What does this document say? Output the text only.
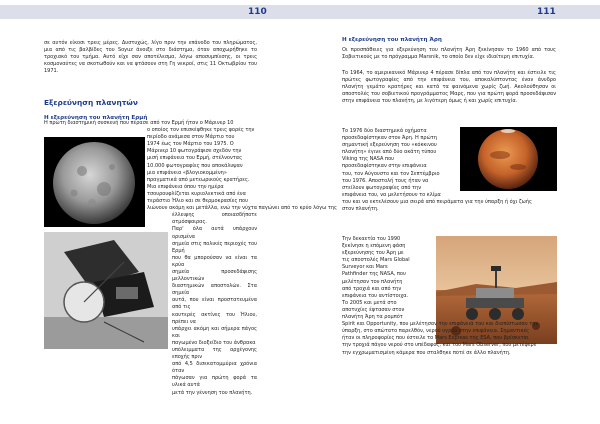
110

σε αυτόν είκοσι τρεις μέρες. Δυστυχώς, λίγο πριν την επάνοδο του πληρώματος, μια από τις βαλβίδες του Soyuz άνοιξε στο διάστημα, όταν αποχωρήθηκε το τροχιακό του τμήμα. Αυτό είχε σαν αποτέλεσμα, λόγω αποσυμπίεσης, οι τρεις κοσμοναύτες να σκοτωθούν και να φτάσουν στη Γη νεκροί, στις 11 Οκτωβρίου του 1971.

Εξερεύνηση πλανητών
Η εξερεύνηση του πλανήτη Ερμή
Η πρώτη διαστημική συσκευή που πέρασε από τον Ερμή ήταν ο Μάρινερ 10
ο οποίος τον επισκέφθηκε τρεις φορές την
περίοδο ανάμεσα στον Μάρτιο του
1974 έως τον Μάρτιο του 1975. Ο
Μάρινερ 10 φωτογράφισε σχεδόν την
μισή επιφάνεια του Ερμή, στέλνοντας
10.000 φωτογραφίες που αποκάλυψαν
μια επιφάνεια «βλογιοκομμένη»
πραγματικά από μετεωρικούς κρατήρες.
Μια επιφάνεια όπου την ημέρα
τσουρουφλίζεται κυριολεκτικά από ένα
τεράστιο Ήλιο και σε θερμοκρασίες που
λιώνουν ακόμη και μετάλλα, ενώ την νύχτα παγώνει από το κρύο λόγω της
έλλειψης οποιασδήποτε ατμόσφαιρας.
Παρ' όλα αυτά υπάρχουν ορισμένα
σημεία στις πολικές περιοχές του Ερμή
που θα μπορούσαν να είναι τα κρύα
σημεία προσεδάφισης μελλοντικών
διαστημικών αποστολών. Στα σημεία
αυτά, που είναι προστατευμένα από τις
καυτερές ακτίνες του Ήλιου, πρέπει να
υπάρχει ακόμη και σήμερα πάγος και
παγωμένο διοξείδιο του άνθρακα
υπόλειμματα της αρχέγονης εποχής πριν
από 4,5 δισεκατομμύρια χρόνια όταν
πάγωσαν για πρώτη φορά τα υλικά αυτά
μετά την γέννηση του πλανήτη.
111
Η εξερεύνηση του πλανήτη Άρη

Οι προσπάθειες για εξερεύνηση του πλανήτη Άρη ξεκίνησαν το 1960 από τους Σοβιετικούς με το πρόγραμμα Marsnik, το οποίο δεν είχε ιδιαίτερη επιτυχία.

Το 1964, το αμερικανικό Μάρινερ 4 πέρασε δίπλα από τον πλανήτη και έστειλε τις πρώτες φωτογραφίες από την επιφάνεια του, αποκαλύπτοντας έναν άνυδρο πλανήτη γεμάτο κρατήρες και κατά τα φαινόμενα χωρίς ζωή. Ακολούθησαν οι αποστολές του σοβιετικού προγράμματος Μαρς, που για πρώτη φορά προσεδάφισαν στην επιφάνεια του πλανήτη, με λιγότερη όμως ή και χωρίς επιτυχία.

Το 1976 δύο διαστημικά οχήματα
προσεδαφίστηκαν στον Άρη. Η πρώτη
σημαντική εξερεύνηση του «κόκκινου
πλανήτη» έγινε από δύο ακάτη τύπου
Viking της NASA που
προσεδαφίστηκαν στην επιφάνεια
του, τον Αύγουστο και τον Σεπτέμβριο
του 1976. Αποστολή τους ήταν να
στείλουν φωτογραφίες από την
επιφάνεια του, να μελετήσουν το κλίμα
του και να εκτελέσουν μια σειρά από πειράματα για την ύπαρξη ή όχι ζωής
στον πλανήτη.
Την δεκαετία του 1990
ξεκίνησε η επόμενη φάση
εξερεύνησης του Άρη με
τις αποστολές Mars Global
Surveyor και Mars
Pathfinder της NASA, που
μελέτησαν τον πλανήτη
από τροχιά και από την
επιφάνεια του αντίστοιχα.
Το 2005 και μετά στο
αποτυχίες έφτασαν στον
πλανήτη Άρη τα ρομπότ
Spirit και Opportunity, που μελέτησαν την επιφάνειά του και διαπίστωσαν την
ύπαρξη, στο απώτατο παρελθόν, νερού υγρού στην επιφάνεια. Σημαντικές
ήταν οι πληροφορίες που έστειλε το Mars Express της ESA, που βρίσκεται
την τροχιά πάγου νερού στο υπέδαφος, και του Mars Observer, που μετέφερε
την εγχρωματισμένη κάμερα που σταλθηκε ποτέ σε άλλο πλανήτη.
